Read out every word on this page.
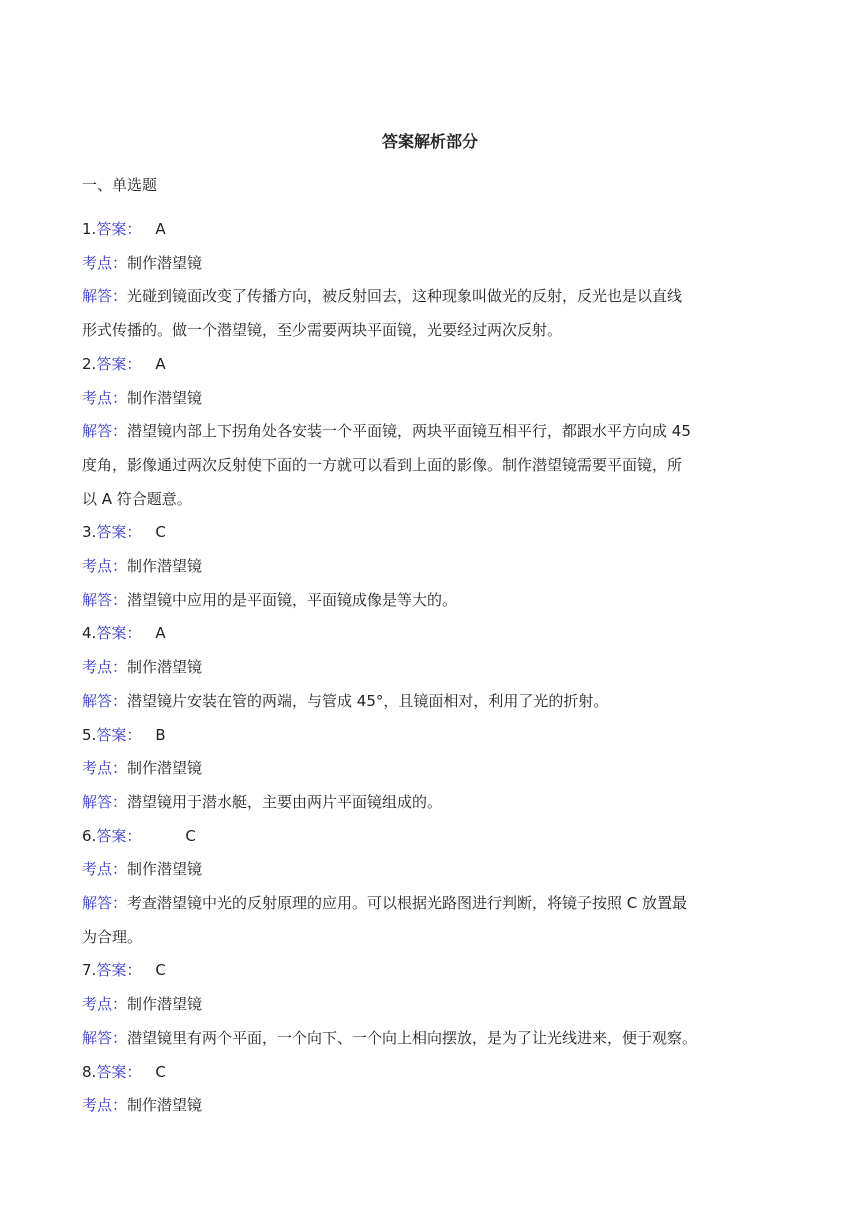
答案解析部分
一、单选题
1.答案： A
考点：制作潜望镜
解答：光碰到镜面改变了传播方向，被反射回去，这种现象叫做光的反射，反光也是以直线
形式传播的。做一个潜望镜，至少需要两块平面镜，光要经过两次反射。
2.答案： A
考点：制作潜望镜
解答：潜望镜内部上下拐角处各安装一个平面镜，两块平面镜互相平行，都跟水平方向成 45
度角，影像通过两次反射使下面的一方就可以看到上面的影像。制作潜望镜需要平面镜，所
以 A 符合题意。
3.答案： C
考点：制作潜望镜
解答：潜望镜中应用的是平面镜，平面镜成像是等大的。
4.答案： A
考点：制作潜望镜
解答：潜望镜片安装在管的两端，与管成 45°，且镜面相对，利用了光的折射。
5.答案： B
考点：制作潜望镜
解答：潜望镜用于潜水艇，主要由两片平面镜组成的。
6.答案：	C
考点：制作潜望镜
解答：考查潜望镜中光的反射原理的应用。可以根据光路图进行判断，将镜子按照 C 放置最
为合理。
7.答案： C
考点：制作潜望镜
解答：潜望镜里有两个平面，一个向下、一个向上相向摆放，是为了让光线进来，便于观察。
8.答案： C
考点：制作潜望镜
